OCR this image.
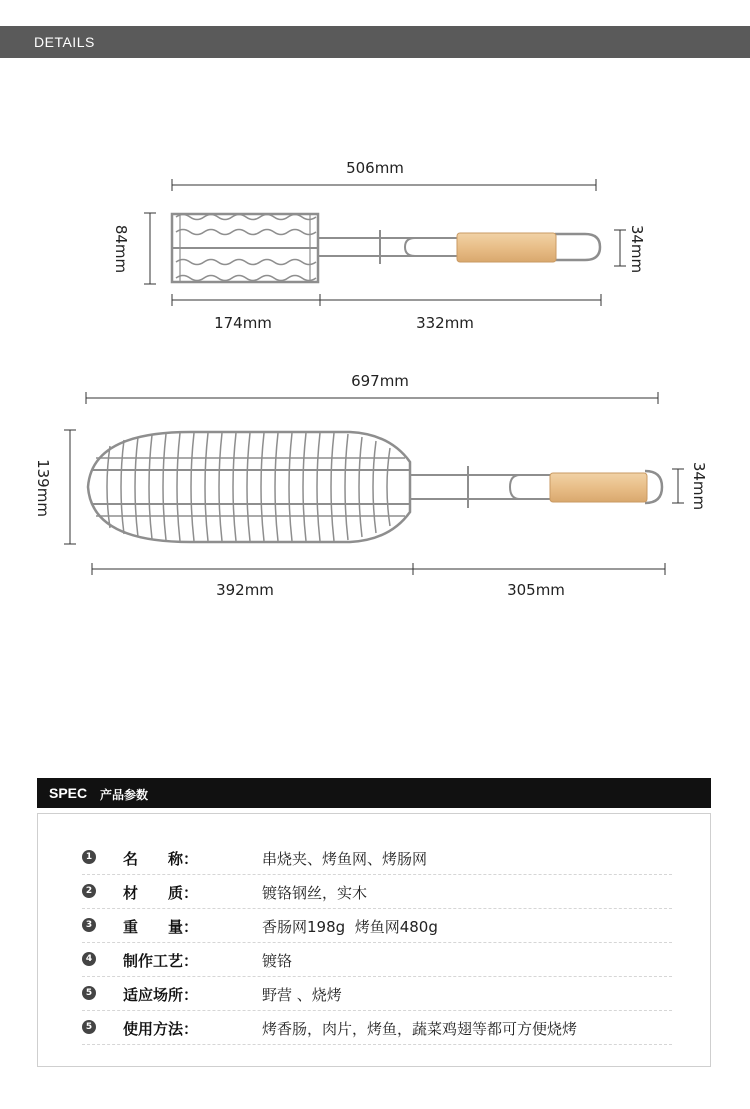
DETAILS
506mm
84mm	34mm
174mm	332mm
697mm
139mm	34mm
392mm	305mm
SPEC 产品参数
1 名　　称：	串烧夹、烤鱼网、烤肠网
2 材　　质：	镀铬钢丝，实木
3 重　　量：	香肠网198g  烤鱼网480g
4 制作工艺：	镀铬
5 适应场所：	野营 、烧烤
5 使用方法：	烤香肠，肉片，烤鱼，蔬菜鸡翅等都可方便烧烤
